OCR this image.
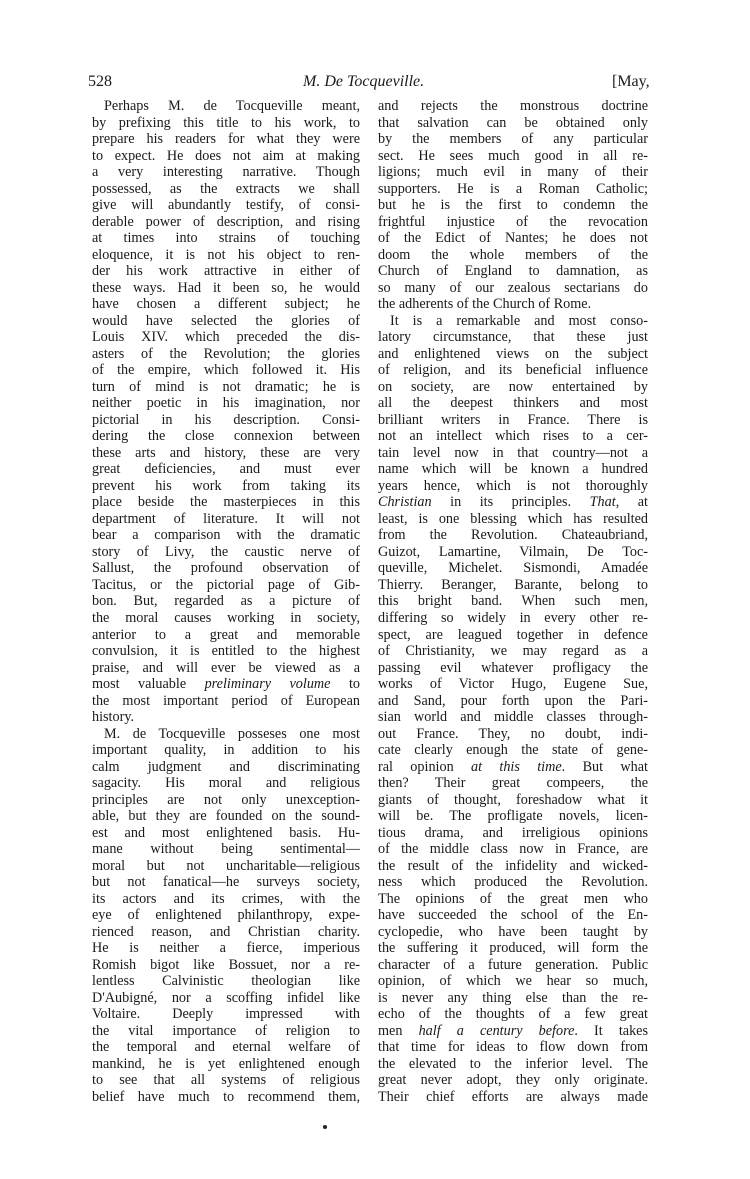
528	M. De Tocqueville.	[May,
Perhaps M. de Tocqueville meant,
by prefixing this title to his work, to
prepare his readers for what they were
to expect. He does not aim at making
a very interesting narrative. Though
possessed, as the extracts we shall
give will abundantly testify, of consi-
derable power of description, and rising
at times into strains of touching
eloquence, it is not his object to ren-
der his work attractive in either of
these ways. Had it been so, he would
have chosen a different subject; he
would have selected the glories of
Louis XIV. which preceded the dis-
asters of the Revolution; the glories
of the empire, which followed it. His
turn of mind is not dramatic; he is
neither poetic in his imagination, nor
pictorial in his description. Consi-
dering the close connexion between
these arts and history, these are very
great deficiencies, and must ever
prevent his work from taking its
place beside the masterpieces in this
department of literature. It will not
bear a comparison with the dramatic
story of Livy, the caustic nerve of
Sallust, the profound observation of
Tacitus, or the pictorial page of Gib-
bon. But, regarded as a picture of
the moral causes working in society,
anterior to a great and memorable
convulsion, it is entitled to the highest
praise, and will ever be viewed as a
most valuable preliminary volume to
the most important period of European
history.
M. de Tocqueville posseses one most
important quality, in addition to his
calm judgment and discriminating
sagacity. His moral and religious
principles are not only unexception-
able, but they are founded on the sound-
est and most enlightened basis. Hu-
mane without being sentimental—
moral but not uncharitable—religious
but not fanatical—he surveys society,
its actors and its crimes, with the
eye of enlightened philanthropy, expe-
rienced reason, and Christian charity.
He is neither a fierce, imperious
Romish bigot like Bossuet, nor a re-
lentless Calvinistic theologian like
D'Aubigné, nor a scoffing infidel like
Voltaire. Deeply impressed with
the vital importance of religion to
the temporal and eternal welfare of
mankind, he is yet enlightened enough
to see that all systems of religious
belief have much to recommend them,
and rejects the monstrous doctrine
that salvation can be obtained only
by the members of any particular
sect. He sees much good in all re-
ligions; much evil in many of their
supporters. He is a Roman Catholic;
but he is the first to condemn the
frightful injustice of the revocation
of the Edict of Nantes; he does not
doom the whole members of the
Church of England to damnation, as
so many of our zealous sectarians do
the adherents of the Church of Rome.
It is a remarkable and most conso-
latory circumstance, that these just
and enlightened views on the subject
of religion, and its beneficial influence
on society, are now entertained by
all the deepest thinkers and most
brilliant writers in France. There is
not an intellect which rises to a cer-
tain level now in that country—not a
name which will be known a hundred
years hence, which is not thoroughly
Christian in its principles. That, at
least, is one blessing which has resulted
from the Revolution. Chateaubriand,
Guizot, Lamartine, Vilmain, De Toc-
queville, Michelet. Sismondi, Amadée
Thierry. Beranger, Barante, belong to
this bright band. When such men,
differing so widely in every other re-
spect, are leagued together in defence
of Christianity, we may regard as a
passing evil whatever profligacy the
works of Victor Hugo, Eugene Sue,
and Sand, pour forth upon the Pari-
sian world and middle classes through-
out France. They, no doubt, indi-
cate clearly enough the state of gene-
ral opinion at this time. But what
then? Their great compeers, the
giants of thought, foreshadow what it
will be. The profligate novels, licen-
tious drama, and irreligious opinions
of the middle class now in France, are
the result of the infidelity and wicked-
ness which produced the Revolution.
The opinions of the great men who
have succeeded the school of the En-
cyclopedie, who have been taught by
the suffering it produced, will form the
character of a future generation. Public
opinion, of which we hear so much,
is never any thing else than the re-
echo of the thoughts of a few great
men half a century before. It takes
that time for ideas to flow down from
the elevated to the inferior level. The
great never adopt, they only originate.
Their chief efforts are always made
